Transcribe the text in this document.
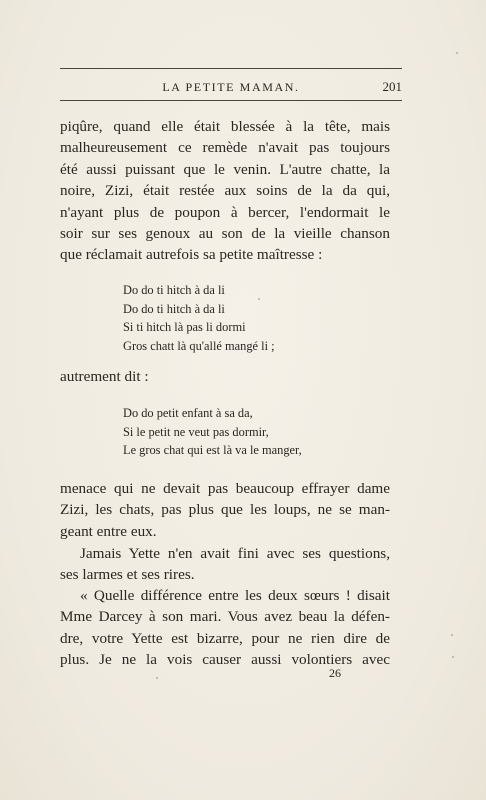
LA PETITE MAMAN.	201

piqûre, quand elle était blessée à la tête, mais
malheureusement ce remède n'avait pas toujours
été aussi puissant que le venin. L'autre chatte, la
noire, Zizi, était restée aux soins de la da qui,
n'ayant plus de poupon à bercer, l'endormait le
soir sur ses genoux au son de la vieille chanson
que réclamait autrefois sa petite maîtresse :

Do do ti hitch à da li
Do do ti hitch à da li
Si ti hitch là pas li dormi
Gros chatt là qu'allé mangé li ;

autrement dit :

Do do petit enfant à sa da,
Si le petit ne veut pas dormir,
Le gros chat qui est là va le manger,

menace qui ne devait pas beaucoup effrayer dame
Zizi, les chats, pas plus que les loups, ne se man-
geant entre eux.

Jamais Yette n'en avait fini avec ses questions,
ses larmes et ses rires.

« Quelle différence entre les deux sœurs ! disait
Mme Darcey à son mari. Vous avez beau la défen-
dre, votre Yette est bizarre, pour ne rien dire de
plus. Je ne la vois causer aussi volontiers avec

26
